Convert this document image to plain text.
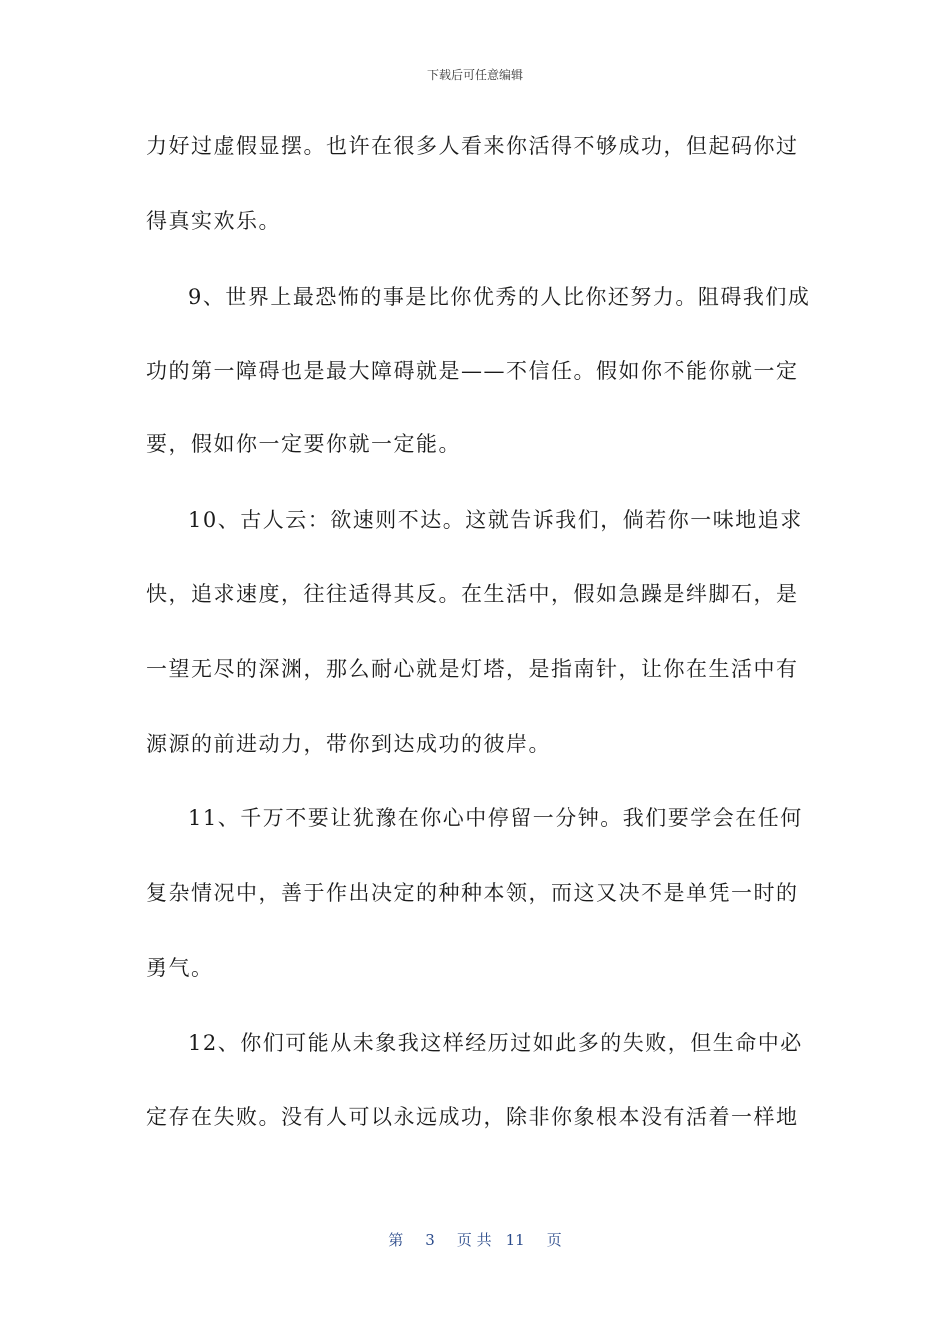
下载后可任意编辑
力好过虚假显摆。也许在很多人看来你活得不够成功，但起码你过
得真实欢乐。
9、世界上最恐怖的事是比你优秀的人比你还努力。阻碍我们成
功的第一障碍也是最大障碍就是——不信任。假如你不能你就一定
要，假如你一定要你就一定能。
10、古人云：欲速则不达。这就告诉我们，倘若你一味地追求
快，追求速度，往往适得其反。在生活中，假如急躁是绊脚石，是
一望无尽的深渊，那么耐心就是灯塔，是指南针，让你在生活中有
源源的前进动力，带你到达成功的彼岸。
11、千万不要让犹豫在你心中停留一分钟。我们要学会在任何
复杂情况中，善于作出决定的种种本领，而这又决不是单凭一时的
勇气。
12、你们可能从未象我这样经历过如此多的失败，但生命中必
定存在失败。没有人可以永远成功，除非你象根本没有活着一样地
第 3 页 共 11 页
